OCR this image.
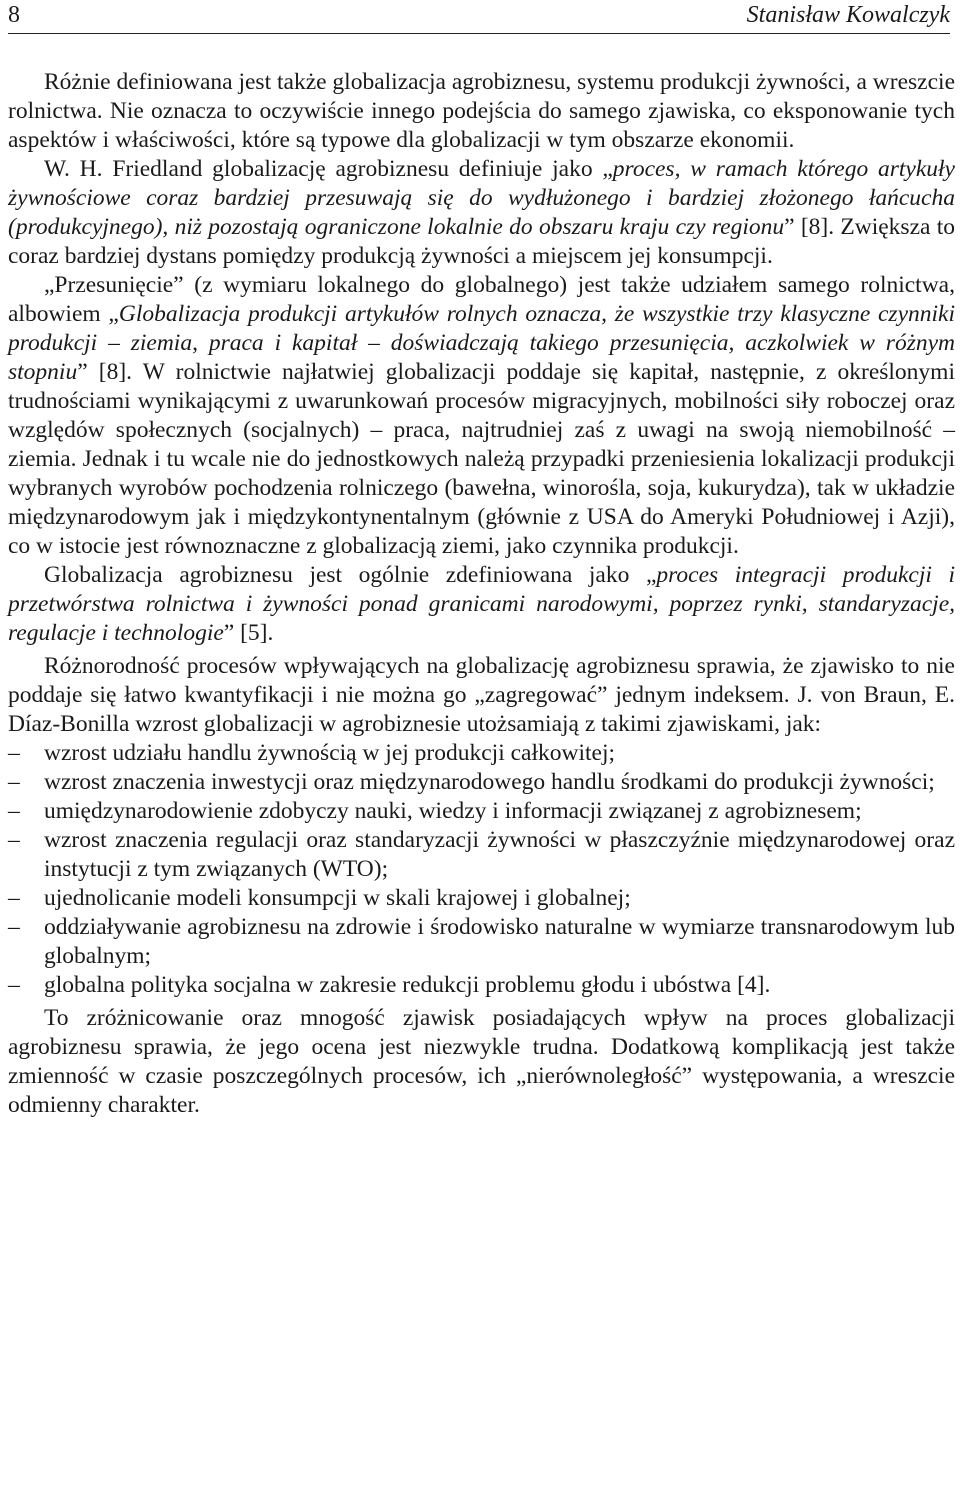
8	Stanisław Kowalczyk

Różnie definiowana jest także globalizacja agrobiznesu, systemu produkcji żywności, a wreszcie rolnictwa. Nie oznacza to oczywiście innego podejścia do samego zjawiska, co eksponowanie tych aspektów i właściwości, które są typowe dla globalizacji w tym obszarze ekonomii.

W. H. Friedland globalizację agrobiznesu definiuje jako „proces, w ramach którego artykuły żywnościowe coraz bardziej przesuwają się do wydłużonego i bardziej złożonego łańcucha (produkcyjnego), niż pozostają ograniczone lokalnie do obszaru kraju czy regionu” [8]. Zwiększa to coraz bardziej dystans pomiędzy produkcją żywności a miejscem jej konsumpcji.

„Przesunięcie” (z wymiaru lokalnego do globalnego) jest także udziałem samego rolnictwa, albowiem „Globalizacja produkcji artykułów rolnych oznacza, że wszystkie trzy klasyczne czynniki produkcji – ziemia, praca i kapitał – doświadczają takiego przesunięcia, aczkolwiek w różnym stopniu” [8]. W rolnictwie najłatwiej globalizacji poddaje się kapitał, następnie, z określonymi trudnościami wynikającymi z uwarunkowań procesów migracyjnych, mobilności siły roboczej oraz względów społecznych (socjalnych) – praca, najtrudniej zaś z uwagi na swoją niemobilność – ziemia. Jednak i tu wcale nie do jednostkowych należą przypadki przeniesienia lokalizacji produkcji wybranych wyrobów pochodzenia rolniczego (bawełna, winorośla, soja, kukurydza), tak w układzie międzynarodowym jak i międzykontynentalnym (głównie z USA do Ameryki Południowej i Azji), co w istocie jest równoznaczne z globalizacją ziemi, jako czynnika produkcji.

Globalizacja agrobiznesu jest ogólnie zdefiniowana jako „proces integracji produkcji i przetwórstwa rolnictwa i żywności ponad granicami narodowymi, poprzez rynki, standaryzacje, regulacje i technologie” [5].

Różnorodność procesów wpływających na globalizację agrobiznesu sprawia, że zjawisko to nie poddaje się łatwo kwantyfikacji i nie można go „zagregować” jednym indeksem. J. von Braun, E. Díaz-Bonilla wzrost globalizacji w agrobiznesie utożsamiają z takimi zjawiskami, jak:

– wzrost udziału handlu żywnością w jej produkcji całkowitej;
– wzrost znaczenia inwestycji oraz międzynarodowego handlu środkami do produkcji żywności;
– umiędzynarodowienie zdobyczy nauki, wiedzy i informacji związanej z agrobiznesem;
– wzrost znaczenia regulacji oraz standaryzacji żywności w płaszczyźnie międzynarodowej oraz instytucji z tym związanych (WTO);
– ujednolicanie modeli konsumpcji w skali krajowej i globalnej;
– oddziaływanie agrobiznesu na zdrowie i środowisko naturalne w wymiarze transnarodowym lub globalnym;
– globalna polityka socjalna w zakresie redukcji problemu głodu i ubóstwa [4].

To zróżnicowanie oraz mnogość zjawisk posiadających wpływ na proces globalizacji agrobiznesu sprawia, że jego ocena jest niezwykle trudna. Dodatkową komplikacją jest także zmienność w czasie poszczególnych procesów, ich „nierównoległość” występowania, a wreszcie odmienny charakter.
